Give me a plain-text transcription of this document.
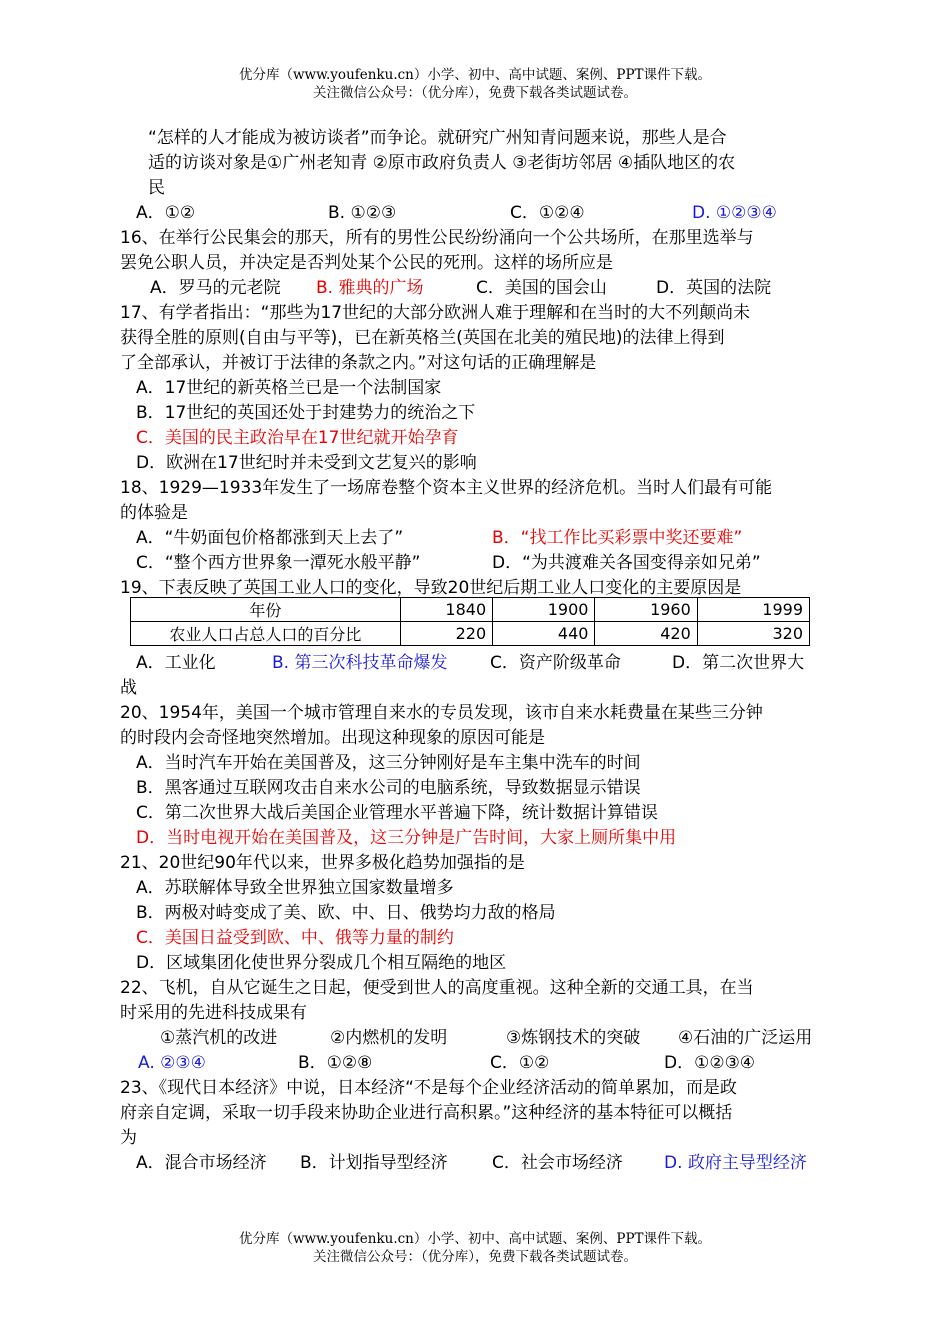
优分库（www.youfenku.cn）小学、初中、高中试题、案例、PPT课件下载。
关注微信公众号：（优分库），免费下载各类试题试卷。
“怎样的人才能成为被访谈者”而争论。就研究广州知青问题来说，那些人是合
适的访谈对象是①广州老知青 ②原市政府负责人 ③老街坊邻居 ④插队地区的农
民
A．①②	B. ①②③	C．①②④	D. ①②③④
16、在举行公民集会的那天，所有的男性公民纷纷涌向一个公共场所，在那里选举与
罢免公职人员，并决定是否判处某个公民的死刑。这样的场所应是
A．罗马的元老院 B. 雅典的广场	C．美国的国会山	D．英国的法院
17、有学者指出：“那些为17世纪的大部分欧洲人难于理解和在当时的大不列颠尚未
获得全胜的原则(自由与平等)，已在新英格兰(英国在北美的殖民地)的法律上得到
了全部承认，并被订于法律的条款之内。”对这句话的正确理解是
A．17世纪的新英格兰已是一个法制国家
B．17世纪的英国还处于封建势力的统治之下
C．美国的民主政治早在17世纪就开始孕育
D．欧洲在17世纪时并未受到文艺复兴的影响
18、1929—1933年发生了一场席卷整个资本主义世界的经济危机。当时人们最有可能
的体验是
A．“牛奶面包价格都涨到天上去了”	B．“找工作比买彩票中奖还要难”
C．“整个西方世界象一潭死水般平静”	D．“为共渡难关各国变得亲如兄弟”
19、下表反映了英国工业人口的变化，导致20世纪后期工业人口变化的主要原因是
年份	1840	1900	1960	1999
农业人口占总人口的百分比	220	440	420	320
A．工业化	B. 第三次科技革命爆发	C．资产阶级革命	D．第二次世界大
战
20、1954年，美国一个城市管理自来水的专员发现，该市自来水耗费量在某些三分钟
的时段内会奇怪地突然增加。出现这种现象的原因可能是
A．当时汽车开始在美国普及，这三分钟刚好是车主集中洗车的时间
B．黑客通过互联网攻击自来水公司的电脑系统，导致数据显示错误
C．第二次世界大战后美国企业管理水平普遍下降，统计数据计算错误
D．当时电视开始在美国普及，这三分钟是广告时间，大家上厕所集中用
21、20世纪90年代以来，世界多极化趋势加强指的是
A．苏联解体导致全世界独立国家数量增多
B．两极对峙变成了美、欧、中、日、俄势均力敌的格局
C．美国日益受到欧、中、俄等力量的制约
D．区域集团化使世界分裂成几个相互隔绝的地区
22、飞机，自从它诞生之日起，便受到世人的高度重视。这种全新的交通工具，在当
时采用的先进科技成果有
①蒸汽机的改进	②内燃机的发明	③炼钢技术的突破 ④石油的广泛运用
A. ②③④	B．①②⑧	C．①②	D．①②③④
23、《现代日本经济》中说，日本经济“不是每个企业经济活动的简单累加，而是政
府亲自定调，采取一切手段来协助企业进行高积累。”这种经济的基本特征可以概括
为
A．混合市场经济 B．计划指导型经济	C．社会市场经济 D. 政府主导型经济
优分库（www.youfenku.cn）小学、初中、高中试题、案例、PPT课件下载。
关注微信公众号：（优分库），免费下载各类试题试卷。
